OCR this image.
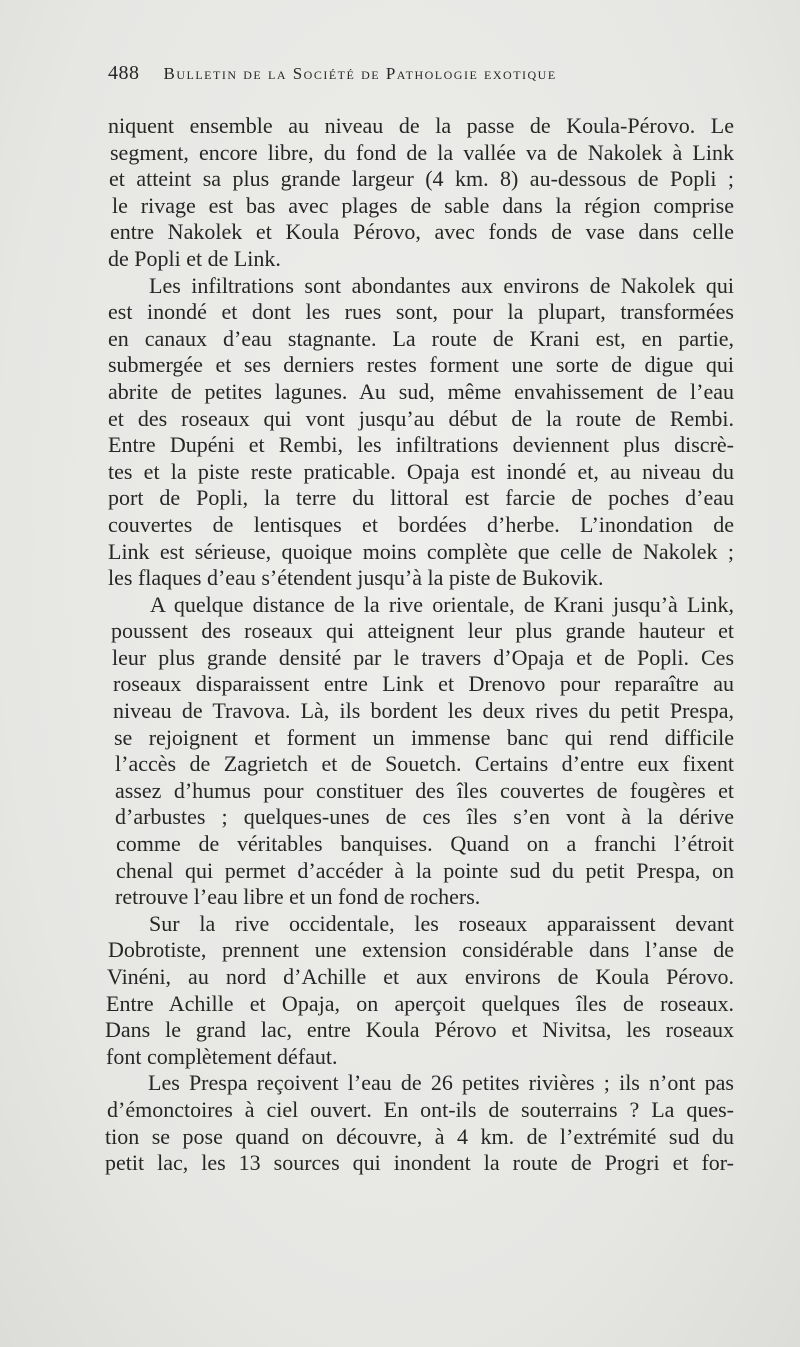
488 Bulletin de la Société de Pathologie exotique

niquent ensemble au niveau de la passe de Koula-Pérovo. Le

segment, encore libre, du fond de la vallée va de Nakolek à Link

et atteint sa plus grande largeur (4 km. 8) au-dessous de Popli ;

le rivage est bas avec plages de sable dans la région comprise

entre Nakolek et Koula Pérovo, avec fonds de vase dans celle

de Popli et de Link.

Les infiltrations sont abondantes aux environs de Nakolek qui

est inondé et dont les rues sont, pour la plupart, transformées

en canaux d’eau stagnante. La route de Krani est, en partie,

submergée et ses derniers restes forment une sorte de digue qui

abrite de petites lagunes. Au sud, même envahissement de l’eau

et des roseaux qui vont jusqu’au début de la route de Rembi.

Entre Dupéni et Rembi, les infiltrations deviennent plus discrè-

tes et la piste reste praticable. Opaja est inondé et, au niveau du

port de Popli, la terre du littoral est farcie de poches d’eau

couvertes de lentisques et bordées d’herbe. L’inondation de

Link est sérieuse, quoique moins complète que celle de Nakolek ;

les flaques d’eau s’étendent jusqu’à la piste de Bukovik.

A quelque distance de la rive orientale, de Krani jusqu’à Link,

poussent des roseaux qui atteignent leur plus grande hauteur et

leur plus grande densité par le travers d’Opaja et de Popli. Ces

roseaux disparaissent entre Link et Drenovo pour reparaître au

niveau de Travova. Là, ils bordent les deux rives du petit Prespa,

se rejoignent et forment un immense banc qui rend difficile

l’accès de Zagrietch et de Souetch. Certains d’entre eux fixent

assez d’humus pour constituer des îles couvertes de fougères et

d’arbustes ; quelques-unes de ces îles s’en vont à la dérive

comme de véritables banquises. Quand on a franchi l’étroit

chenal qui permet d’accéder à la pointe sud du petit Prespa, on

retrouve l’eau libre et un fond de rochers.

Sur la rive occidentale, les roseaux apparaissent devant

Dobrotiste, prennent une extension considérable dans l’anse de

Vinéni, au nord d’Achille et aux environs de Koula Pérovo.

Entre Achille et Opaja, on aperçoit quelques îles de roseaux.

Dans le grand lac, entre Koula Pérovo et Nivitsa, les roseaux

font complètement défaut.

Les Prespa reçoivent l’eau de 26 petites rivières ; ils n’ont pas

d’émonctoires à ciel ouvert. En ont-ils de souterrains ? La ques-

tion se pose quand on découvre, à 4 km. de l’extrémité sud du

petit lac, les 13 sources qui inondent la route de Progri et for-
